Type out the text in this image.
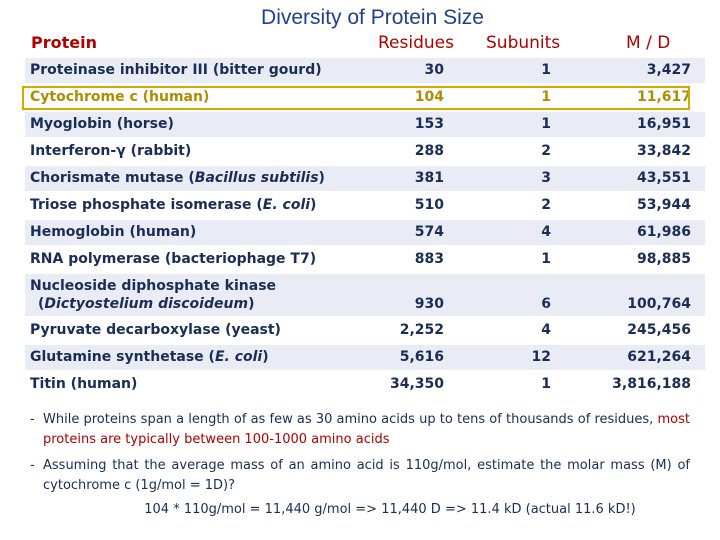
Diversity of Protein Size
Protein	Residues Subunits	M / D
Proteinase inhibitor III (bitter gourd)	30	1	3,427
Cytochrome c (human)	104	1	11,617
Myoglobin (horse)	153	1	16,951
Interferon-γ (rabbit)	288	2	33,842
Chorismate mutase (Bacillus subtilis)	381	3	43,551
Triose phosphate isomerase (E. coli)	510	2	53,944
Hemoglobin (human)	574	4	61,986
RNA polymerase (bacteriophage T7)	883	1	98,885
Nucleoside diphosphate kinase
(Dictyostelium discoideum)	930	6	100,764
Pyruvate decarboxylase (yeast)	2,252	4	245,456
Glutamine synthetase (E. coli)	5,616	12	621,264
Titin (human)	34,350	1	3,816,188
- While proteins span a length of as few as 30 amino acids up to tens of thousands of residues, most proteins are typically between 100-1000 amino acids
- Assuming that the average mass of an amino acid is 110g/mol, estimate the molar mass (M) of cytochrome c (1g/mol = 1D)?
104 * 110g/mol = 11,440 g/mol => 11,440 D => 11.4 kD (actual 11.6 kD!)
